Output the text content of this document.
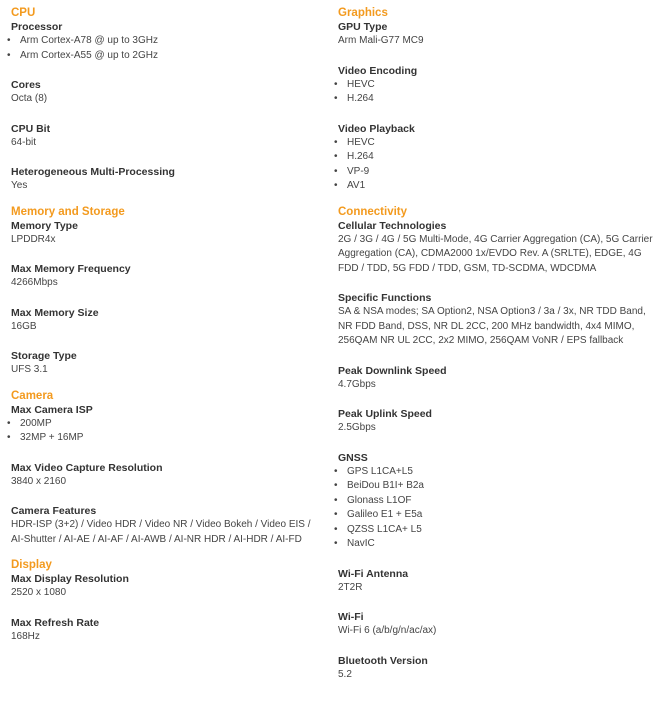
CPU
Processor
• Arm Cortex-A78 @ up to 3GHz
• Arm Cortex-A55 @ up to 2GHz
Cores
Octa (8)
CPU Bit
64-bit
Heterogeneous Multi-Processing
Yes
Memory and Storage
Memory Type
LPDDR4x
Max Memory Frequency
4266Mbps
Max Memory Size
16GB
Storage Type
UFS 3.1
Camera
Max Camera ISP
• 200MP
• 32MP + 16MP
Max Video Capture Resolution
3840 x 2160
Camera Features
HDR-ISP (3+2) / Video HDR / Video NR / Video Bokeh / Video EIS / AI-Shutter / AI-AE / AI-AF / AI-AWB / AI-NR HDR / AI-HDR / AI-FD
Display
Max Display Resolution
2520 x 1080
Max Refresh Rate
168Hz
Graphics
GPU Type
Arm Mali-G77 MC9
Video Encoding
• HEVC
• H.264
Video Playback
• HEVC
• H.264
• VP-9
• AV1
Connectivity
Cellular Technologies
2G / 3G / 4G / 5G Multi-Mode, 4G Carrier Aggregation (CA), 5G Carrier Aggregation (CA), CDMA2000 1x/EVDO Rev. A (SRLTE), EDGE, 4G FDD / TDD, 5G FDD / TDD, GSM, TD-SCDMA, WDCDMA
Specific Functions
SA & NSA modes; SA Option2, NSA Option3 / 3a / 3x, NR TDD Band, NR FDD Band, DSS, NR DL 2CC, 200 MHz bandwidth, 4x4 MIMO, 256QAM NR UL 2CC, 2x2 MIMO, 256QAM VoNR / EPS fallback
Peak Downlink Speed
4.7Gbps
Peak Uplink Speed
2.5Gbps
GNSS
• GPS L1CA+L5
• BeiDou B1I+ B2a
• Glonass L1OF
• Galileo E1 + E5a
• QZSS L1CA+ L5
• NavIC
Wi-Fi Antenna
2T2R
Wi-Fi
Wi-Fi 6 (a/b/g/n/ac/ax)
Bluetooth Version
5.2
